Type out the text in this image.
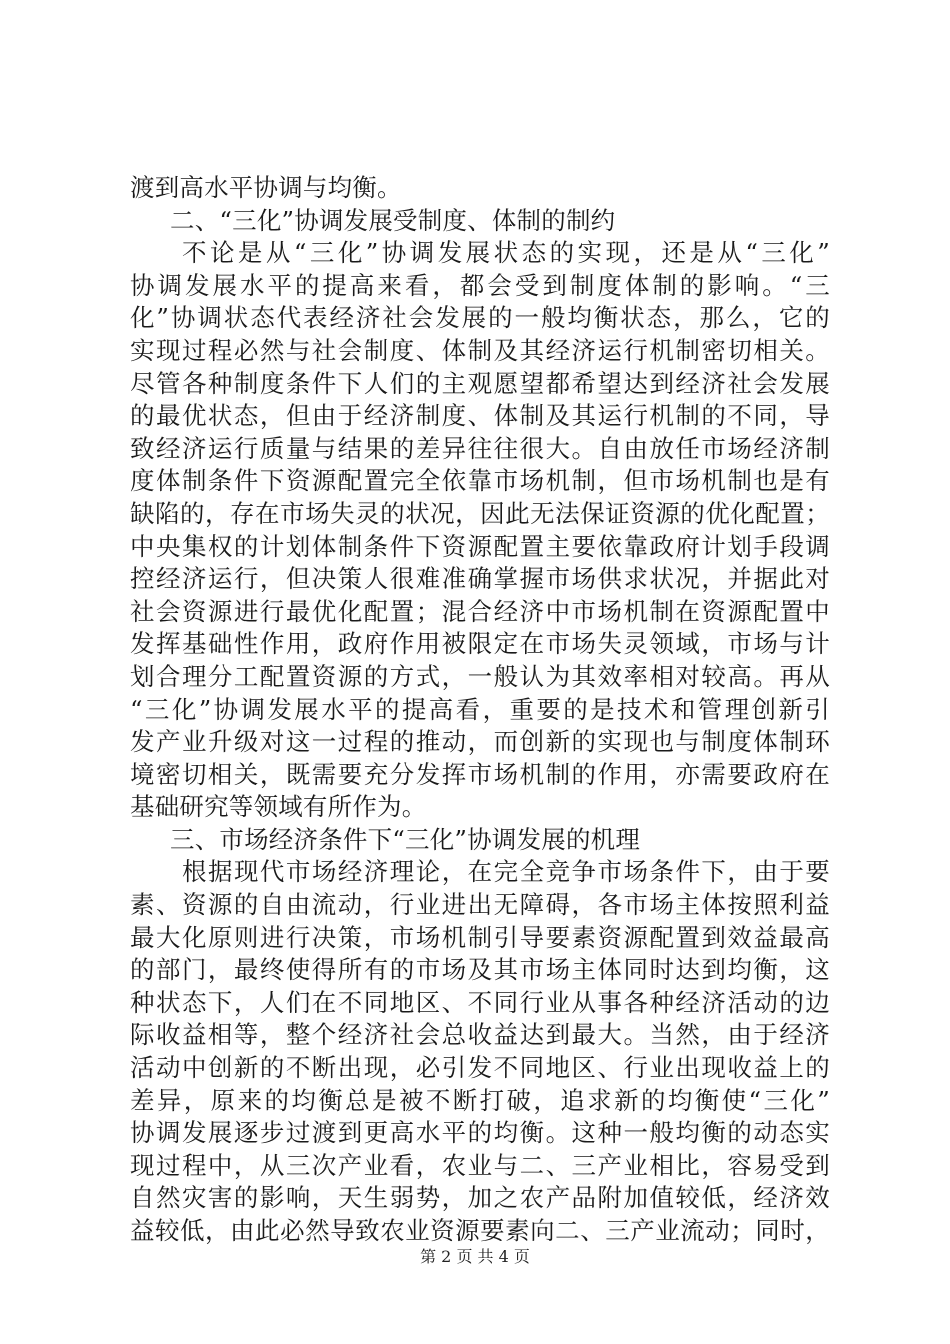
渡到高水平协调与均衡。
二、“三化”协调发展受制度、体制的制约
不论是从“三化”协调发展状态的实现，还是从“三化”
协调发展水平的提高来看，都会受到制度体制的影响。“三
化”协调状态代表经济社会发展的一般均衡状态，那么，它的
实现过程必然与社会制度、体制及其经济运行机制密切相关。
尽管各种制度条件下人们的主观愿望都希望达到经济社会发展
的最优状态，但由于经济制度、体制及其运行机制的不同，导
致经济运行质量与结果的差异往往很大。自由放任市场经济制
度体制条件下资源配置完全依靠市场机制，但市场机制也是有
缺陷的，存在市场失灵的状况，因此无法保证资源的优化配置；
中央集权的计划体制条件下资源配置主要依靠政府计划手段调
控经济运行，但决策人很难准确掌握市场供求状况，并据此对
社会资源进行最优化配置；混合经济中市场机制在资源配置中
发挥基础性作用，政府作用被限定在市场失灵领域，市场与计
划合理分工配置资源的方式，一般认为其效率相对较高。再从
“三化”协调发展水平的提高看，重要的是技术和管理创新引
发产业升级对这一过程的推动，而创新的实现也与制度体制环
境密切相关，既需要充分发挥市场机制的作用，亦需要政府在
基础研究等领域有所作为。
三、市场经济条件下“三化”协调发展的机理
根据现代市场经济理论，在完全竞争市场条件下，由于要
素、资源的自由流动，行业进出无障碍，各市场主体按照利益
最大化原则进行决策，市场机制引导要素资源配置到效益最高
的部门，最终使得所有的市场及其市场主体同时达到均衡，这
种状态下，人们在不同地区、不同行业从事各种经济活动的边
际收益相等，整个经济社会总收益达到最大。当然，由于经济
活动中创新的不断出现，必引发不同地区、行业出现收益上的
差异，原来的均衡总是被不断打破，追求新的均衡使“三化”
协调发展逐步过渡到更高水平的均衡。这种一般均衡的动态实
现过程中，从三次产业看，农业与二、三产业相比，容易受到
自然灾害的影响，天生弱势，加之农产品附加值较低，经济效
益较低，由此必然导致农业资源要素向二、三产业流动；同时，
第 2 页 共 4 页
